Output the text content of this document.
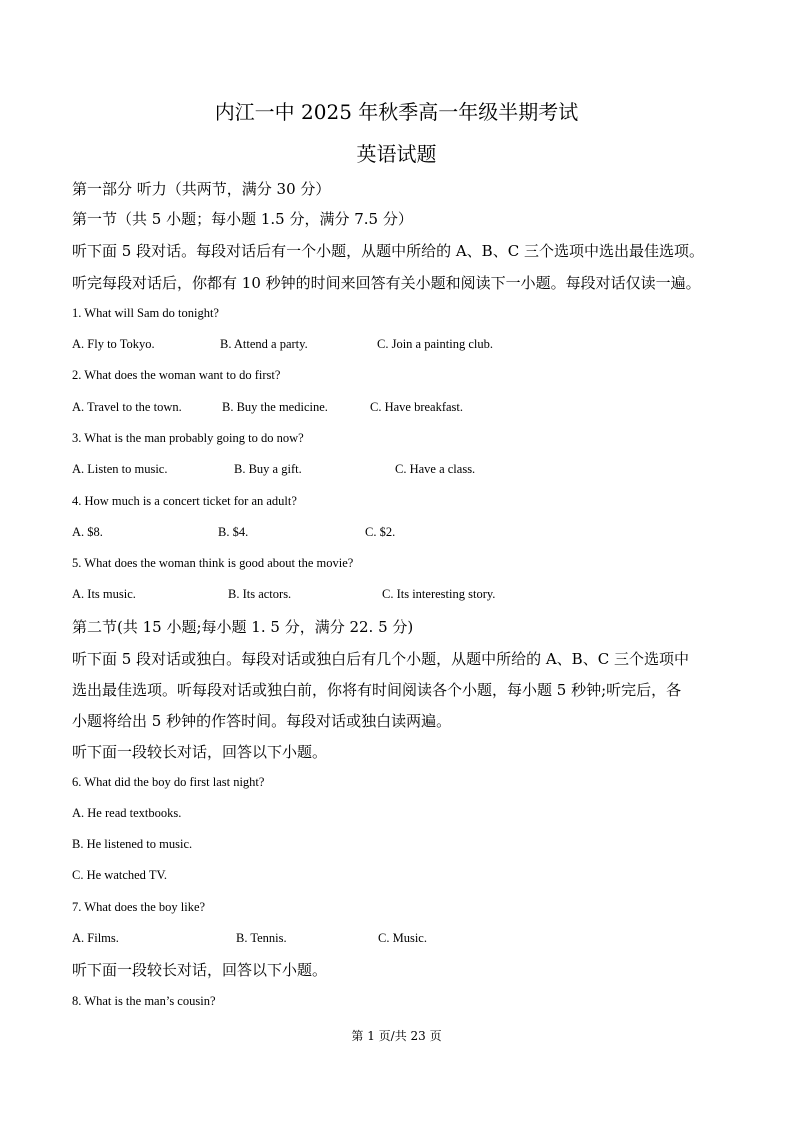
内江一中 2025 年秋季高一年级半期考试
英语试题
第一部分 听力（共两节，满分 30 分）
第一节（共 5 小题；每小题 1.5 分，满分 7.5 分）
听下面 5 段对话。每段对话后有一个小题，从题中所给的 A、B、C 三个选项中选出最佳选项。
听完每段对话后，你都有 10 秒钟的时间来回答有关小题和阅读下一小题。每段对话仅读一遍。
1. What will Sam do tonight?
A. Fly to Tokyo.	B. Attend a party.	C. Join a painting club.
2. What does the woman want to do first?
A. Travel to the town.	B. Buy the medicine.	C. Have breakfast.
3. What is the man probably going to do now?
A. Listen to music.	B. Buy a gift.	C. Have a class.
4. How much is a concert ticket for an adult?
A. $8.	B. $4.	C. $2.
5. What does the woman think is good about the movie?
A. Its music.	B. Its actors.	C. Its interesting story.
第二节(共 15 小题;每小题 1. 5 分，满分 22. 5 分)
听下面 5 段对话或独白。每段对话或独白后有几个小题，从题中所给的 A、B、C 三个选项中
选出最佳选项。听每段对话或独白前，你将有时间阅读各个小题，每小题 5 秒钟;听完后，各
小题将给出 5 秒钟的作答时间。每段对话或独白读两遍。
听下面一段较长对话，回答以下小题。
6. What did the boy do first last night?
A. He read textbooks.
B. He listened to music.
C. He watched TV.
7. What does the boy like?
A. Films.	B. Tennis.	C. Music.
听下面一段较长对话，回答以下小题。
8. What is the man’s cousin?
第 1 页/共 23 页
